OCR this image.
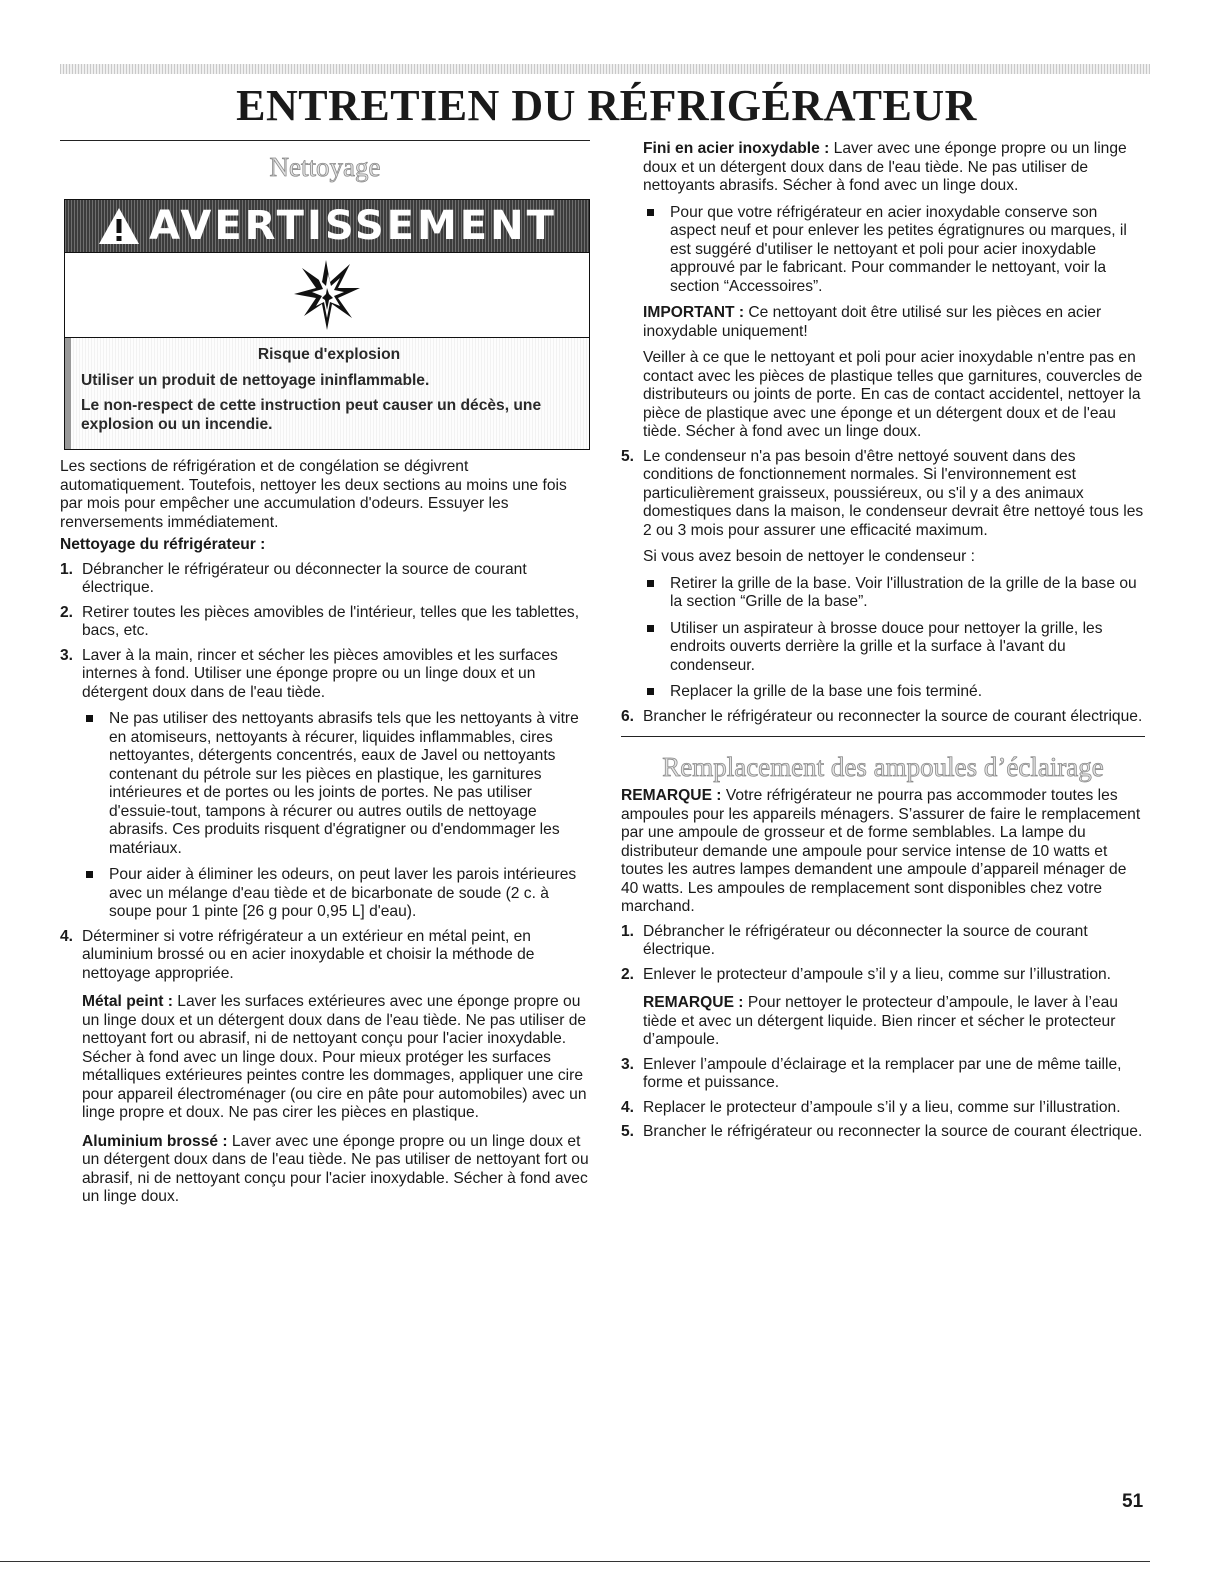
ENTRETIEN DU RÉFRIGÉRATEUR
Nettoyage
AVERTISSEMENT

Risque d'explosion

Utiliser un produit de nettoyage ininflammable.

Le non-respect de cette instruction peut causer un décès, une explosion ou un incendie.

Les sections de réfrigération et de congélation se dégivrent automatiquement. Toutefois, nettoyer les deux sections au moins une fois par mois pour empêcher une accumulation d'odeurs. Essuyer les renversements immédiatement.

Nettoyage du réfrigérateur :

1. Débrancher le réfrigérateur ou déconnecter la source de courant électrique.
2. Retirer toutes les pièces amovibles de l'intérieur, telles que les tablettes, bacs, etc.
3. Laver à la main, rincer et sécher les pièces amovibles et les surfaces internes à fond. Utiliser une éponge propre ou un linge doux et un détergent doux dans de l'eau tiède.
Ne pas utiliser des nettoyants abrasifs tels que les nettoyants à vitre en atomiseurs, nettoyants à récurer, liquides inflammables, cires nettoyantes, détergents concentrés, eaux de Javel ou nettoyants contenant du pétrole sur les pièces en plastique, les garnitures intérieures et de portes ou les joints de portes. Ne pas utiliser d'essuie-tout, tampons à récurer ou autres outils de nettoyage abrasifs. Ces produits risquent d'égratigner ou d'endommager les matériaux.
Pour aider à éliminer les odeurs, on peut laver les parois intérieures avec un mélange d'eau tiède et de bicarbonate de soude (2 c. à soupe pour 1 pinte [26 g pour 0,95 L] d'eau).
4. Déterminer si votre réfrigérateur a un extérieur en métal peint, en aluminium brossé ou en acier inoxydable et choisir la méthode de nettoyage appropriée.

Métal peint : Laver les surfaces extérieures avec une éponge propre ou un linge doux et un détergent doux dans de l'eau tiède. Ne pas utiliser de nettoyant fort ou abrasif, ni de nettoyant conçu pour l'acier inoxydable. Sécher à fond avec un linge doux. Pour mieux protéger les surfaces métalliques extérieures peintes contre les dommages, appliquer une cire pour appareil électroménager (ou cire en pâte pour automobiles) avec un linge propre et doux. Ne pas cirer les pièces en plastique.

Aluminium brossé : Laver avec une éponge propre ou un linge doux et un détergent doux dans de l'eau tiède. Ne pas utiliser de nettoyant fort ou abrasif, ni de nettoyant conçu pour l'acier inoxydable. Sécher à fond avec un linge doux.

Fini en acier inoxydable : Laver avec une éponge propre ou un linge doux et un détergent doux dans de l'eau tiède. Ne pas utiliser de nettoyants abrasifs. Sécher à fond avec un linge doux.

Pour que votre réfrigérateur en acier inoxydable conserve son aspect neuf et pour enlever les petites égratignures ou marques, il est suggéré d'utiliser le nettoyant et poli pour acier inoxydable approuvé par le fabricant. Pour commander le nettoyant, voir la section “Accessoires”.

IMPORTANT : Ce nettoyant doit être utilisé sur les pièces en acier inoxydable uniquement!

Veiller à ce que le nettoyant et poli pour acier inoxydable n'entre pas en contact avec les pièces de plastique telles que garnitures, couvercles de distributeurs ou joints de porte. En cas de contact accidentel, nettoyer la pièce de plastique avec une éponge et un détergent doux et de l'eau tiède. Sécher à fond avec un linge doux.

5. Le condenseur n'a pas besoin d'être nettoyé souvent dans des conditions de fonctionnement normales. Si l'environnement est particulièrement graisseux, poussiéreux, ou s'il y a des animaux domestiques dans la maison, le condenseur devrait être nettoyé tous les 2 ou 3 mois pour assurer une efficacité maximum.

Si vous avez besoin de nettoyer le condenseur :

Retirer la grille de la base. Voir l'illustration de la grille de la base ou la section “Grille de la base”.
Utiliser un aspirateur à brosse douce pour nettoyer la grille, les endroits ouverts derrière la grille et la surface à l'avant du condenseur.
Replacer la grille de la base une fois terminé.
6. Brancher le réfrigérateur ou reconnecter la source de courant électrique.
Remplacement des ampoules d’éclairage

REMARQUE : Votre réfrigérateur ne pourra pas accommoder toutes les ampoules pour les appareils ménagers. S’assurer de faire le remplacement par une ampoule de grosseur et de forme semblables. La lampe du distributeur demande une ampoule pour service intense de 10 watts et toutes les autres lampes demandent une ampoule d’appareil ménager de 40 watts. Les ampoules de remplacement sont disponibles chez votre marchand.

1. Débrancher le réfrigérateur ou déconnecter la source de courant électrique.
2. Enlever le protecteur d’ampoule s’il y a lieu, comme sur l’illustration.

REMARQUE : Pour nettoyer le protecteur d’ampoule, le laver à l’eau tiède et avec un détergent liquide. Bien rincer et sécher le protecteur d’ampoule.

3. Enlever l’ampoule d’éclairage et la remplacer par une de même taille, forme et puissance.
4. Replacer le protecteur d’ampoule s’il y a lieu, comme sur l’illustration.
5. Brancher le réfrigérateur ou reconnecter la source de courant électrique.
51
